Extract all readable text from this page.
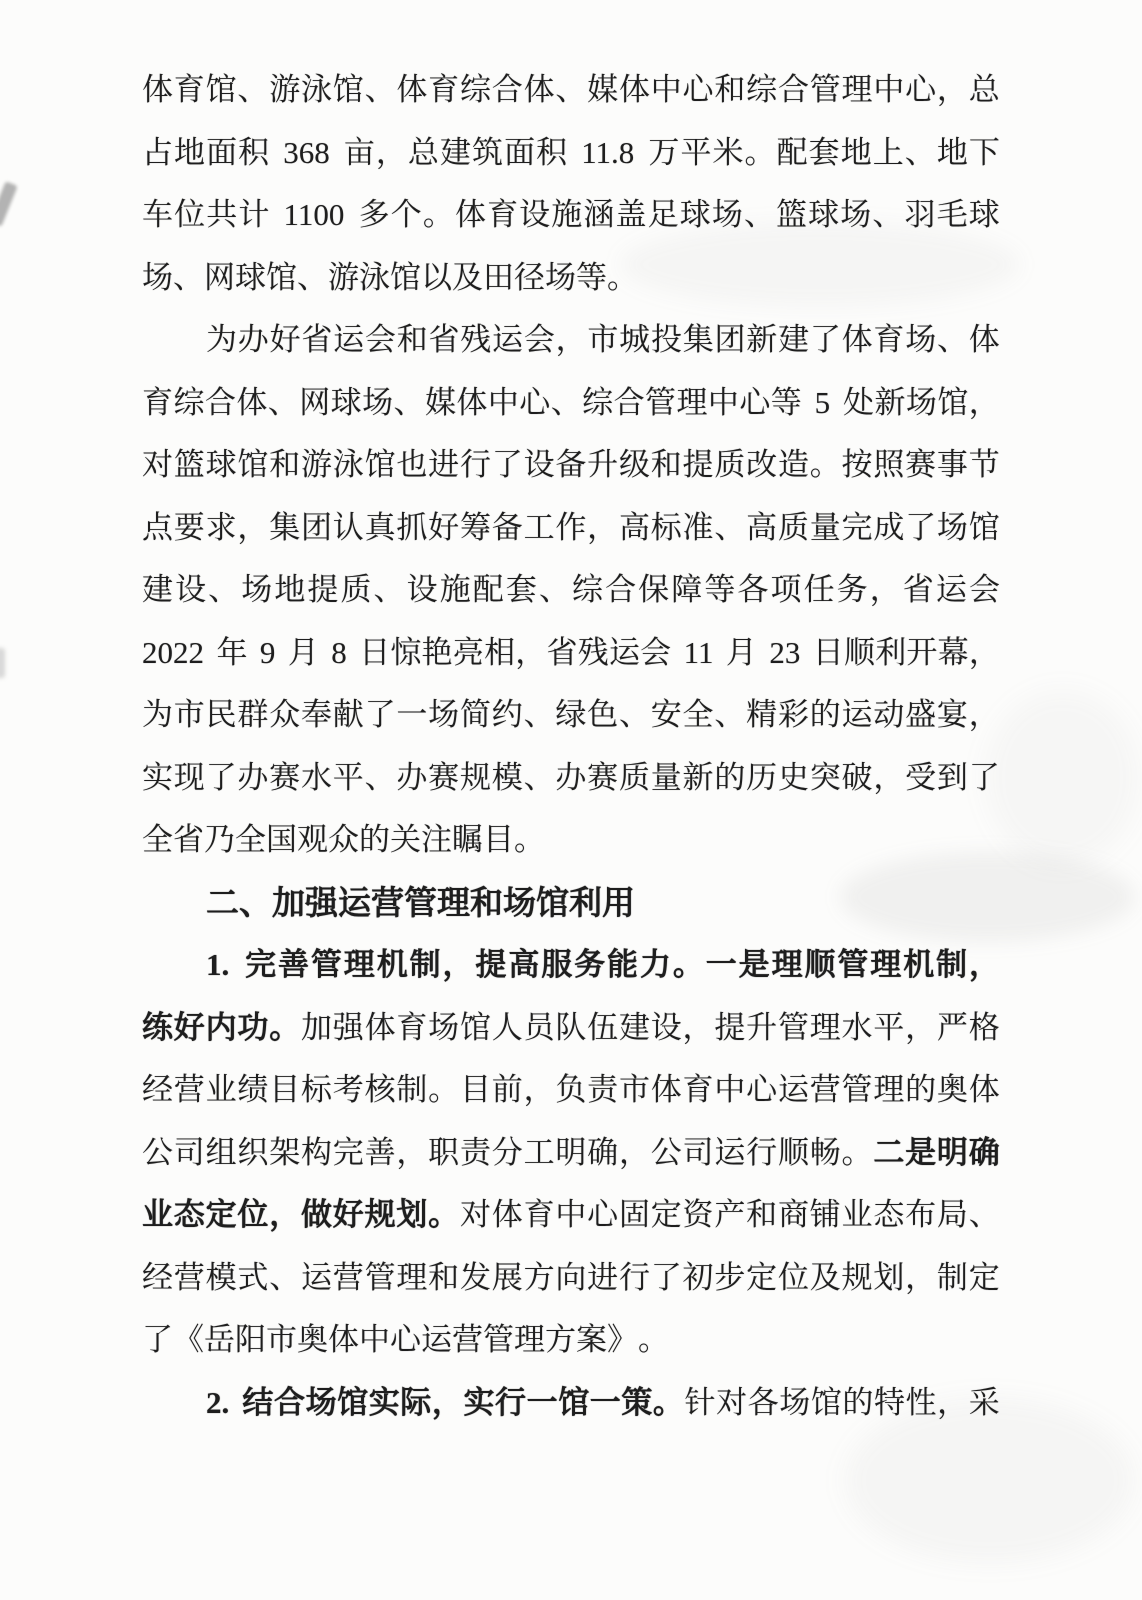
体 育 馆 、 游 泳 馆 、 体 育 综 合 体 、 媒 体 中 心 和 综 合 管 理 中 心 ， 总
占 地 面 积
368
亩 ， 总 建 筑 面 积
11.8
万 平 米 。 配 套 地 上 、 地 下
车 位 共 计
1100
多 个 。 体 育 设 施 涵 盖 足 球 场 、 篮 球 场 、 羽 毛 球
场 、 网 球 馆 、 游 泳 馆 以 及 田 径 场 等 。
为 办 好 省 运 会 和 省 残 运 会 ， 市 城 投 集 团 新 建 了 体 育 场 、 体
育 综 合 体 、 网 球 场 、 媒 体 中 心 、 综 合 管 理 中 心 等
5
处 新 场 馆 ，
对 篮 球 馆 和 游 泳 馆 也 进 行 了 设 备 升 级 和 提 质 改 造 。 按 照 赛 事 节
点 要 求 ， 集 团 认 真 抓 好 筹 备 工 作 ， 高 标 准 、 高 质 量 完 成 了 场 馆
建 设 、 场 地 提 质 、 设 施 配 套 、 综 合 保 障 等 各 项 任 务 ， 省 运 会
2022
年
9
月
8
日 惊 艳 亮 相 ， 省 残 运 会
11
月
23
日 顺 利 开 幕 ，
为 市 民 群 众 奉 献 了 一 场 简 约 、 绿 色 、 安 全 、 精 彩 的 运 动 盛 宴 ，
实 现 了 办 赛 水 平 、 办 赛 规 模 、 办 赛 质 量 新 的 历 史 突 破 ， 受 到 了
全 省 乃 全 国 观 众 的 关 注 瞩 目 。
二 、 加 强 运 营 管 理 和 场 馆 利 用
1.
完 善 管 理 机 制 ， 提 高 服 务 能 力 。 一 是 理 顺 管 理 机 制 ，
练 好 内 功 。 加 强 体 育 场 馆 人 员 队 伍 建 设 ， 提 升 管 理 水 平 ， 严 格
经 营 业 绩 目 标 考 核 制 。 目 前 ， 负 责 市 体 育 中 心 运 营 管 理 的 奥 体
公 司 组 织 架 构 完 善 ， 职 责 分 工 明 确 ， 公 司 运 行 顺 畅 。 二 是 明 确
业 态 定 位 ， 做 好 规 划 。 对 体 育 中 心 固 定 资 产 和 商 铺 业 态 布 局 、
经 营 模 式 、 运 营 管 理 和 发 展 方 向 进 行 了 初 步 定 位 及 规 划 ， 制 定
了 《 岳 阳 市 奥 体 中 心 运 营 管 理 方 案 》 。
2.
结 合 场 馆 实 际 ， 实 行 一 馆 一 策 。 针 对 各 场 馆 的 特 性 ， 采
